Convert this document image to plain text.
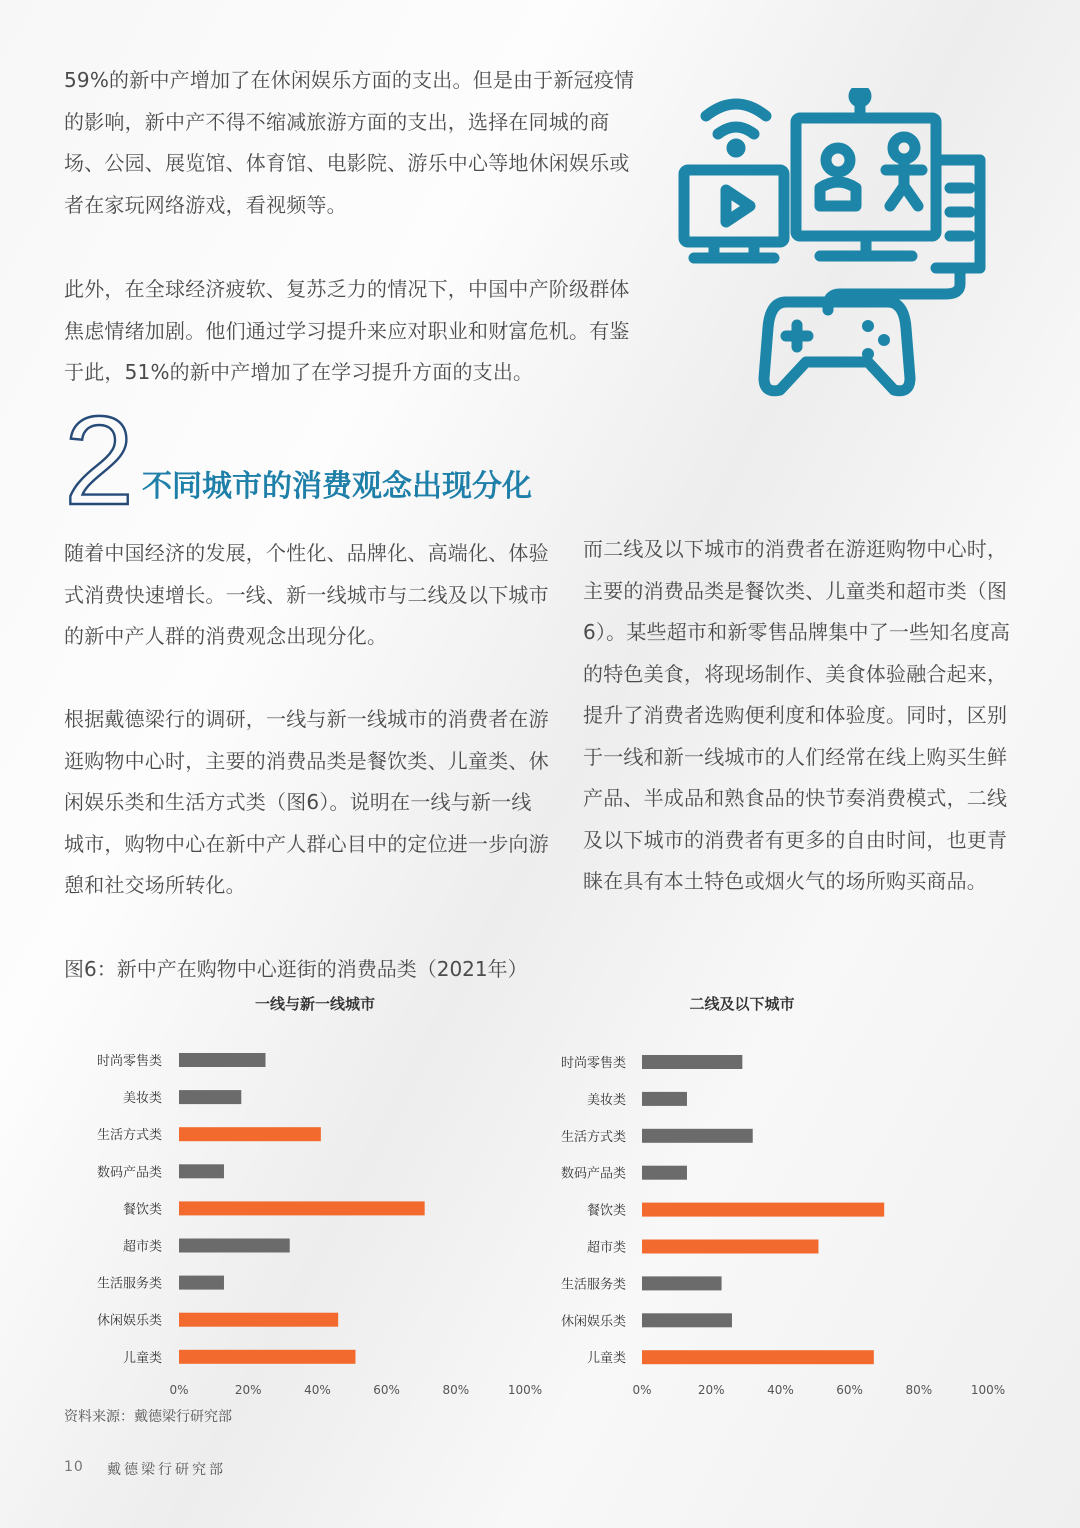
59%的新中产增加了在休闲娱乐方面的支出。但是由于新冠疫情的影响，新中产不得不缩减旅游方面的支出，选择在同城的商场、公园、展览馆、体育馆、电影院、游乐中心等地休闲娱乐或者在家玩网络游戏，看视频等。

此外，在全球经济疲软、复苏乏力的情况下，中国中产阶级群体焦虑情绪加剧。他们通过学习提升来应对职业和财富危机。有鉴于此，51%的新中产增加了在学习提升方面的支出。

2 不同城市的消费观念出现分化

随着中国经济的发展，个性化、品牌化、高端化、体验式消费快速增长。一线、新一线城市与二线及以下城市的新中产人群的消费观念出现分化。

根据戴德梁行的调研，一线与新一线城市的消费者在游逛购物中心时，主要的消费品类是餐饮类、儿童类、休闲娱乐类和生活方式类（图6）。说明在一线与新一线城市，购物中心在新中产人群心目中的定位进一步向游憩和社交场所转化。

而二线及以下城市的消费者在游逛购物中心时，主要的消费品类是餐饮类、儿童类和超市类（图6）。某些超市和新零售品牌集中了一些知名度高的特色美食，将现场制作、美食体验融合起来，提升了消费者选购便利度和体验度。同时，区别于一线和新一线城市的人们经常在线上购买生鲜产品、半成品和熟食品的快节奏消费模式，二线及以下城市的消费者有更多的自由时间，也更青睐在具有本土特色或烟火气的场所购买商品。

图6：新中产在购物中心逛街的消费品类（2021年）

一线与新一线城市
时尚零售类
美妆类
生活方式类
数码产品类
餐饮类
超市类
生活服务类
休闲娱乐类
儿童类
0%	20%	40%	60%	80%	100%
二线及以下城市
时尚零售类
美妆类
生活方式类
数码产品类
餐饮类
超市类
生活服务类
休闲娱乐类
儿童类
0%	20%	40%	60%	80%	100%

资料来源：戴德梁行研究部

10 戴德梁行研究部
